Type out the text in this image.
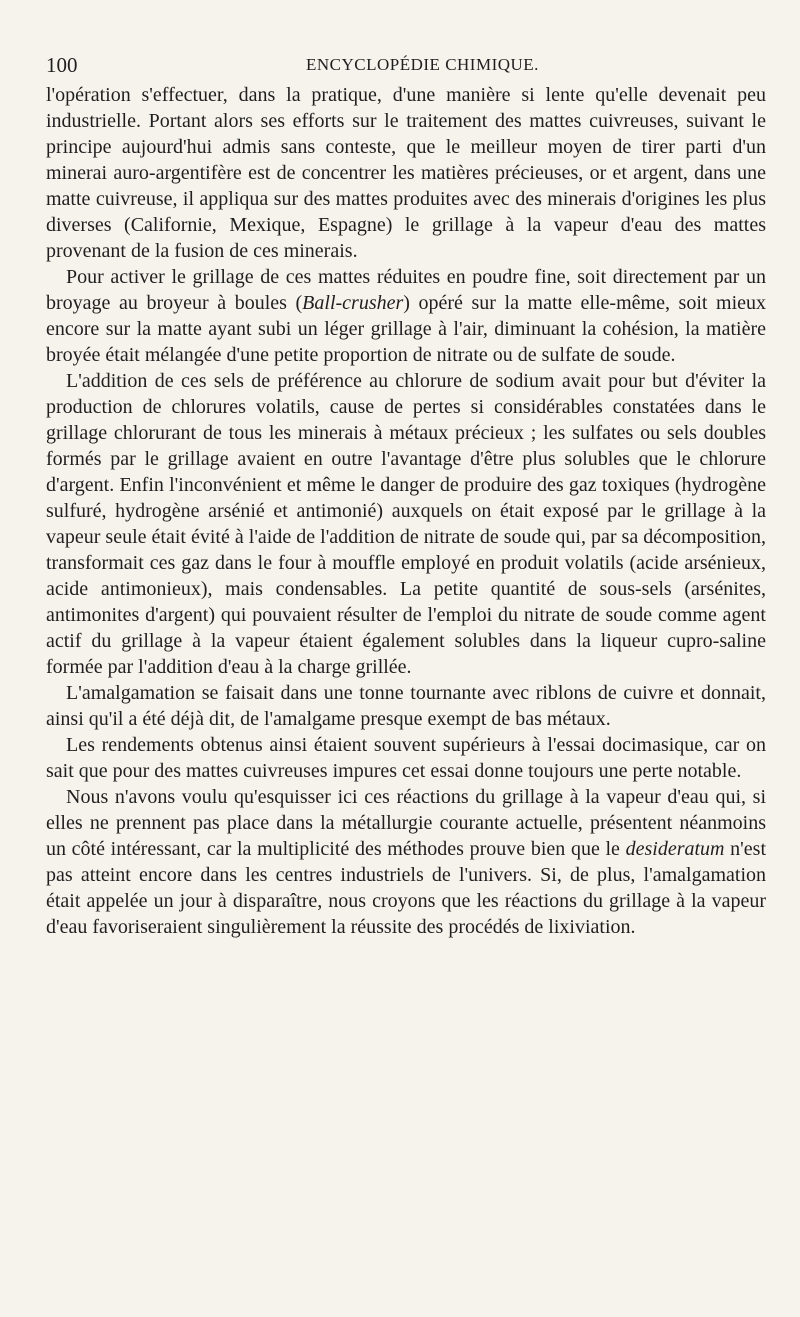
100	ENCYCLOPÉDIE CHIMIQUE.

l'opération s'effectuer, dans la pratique, d'une manière si lente qu'elle devenait peu industrielle. Portant alors ses efforts sur le traitement des mattes cuivreuses, suivant le principe aujourd'hui admis sans conteste, que le meilleur moyen de tirer parti d'un minerai auro-argentifère est de concentrer les matières précieuses, or et argent, dans une matte cuivreuse, il appliqua sur des mattes produites avec des minerais d'origines les plus diverses (Californie, Mexique, Espagne) le grillage à la vapeur d'eau des mattes provenant de la fusion de ces minerais.

Pour activer le grillage de ces mattes réduites en poudre fine, soit directement par un broyage au broyeur à boules (Ball-crusher) opéré sur la matte elle-même, soit mieux encore sur la matte ayant subi un léger grillage à l'air, diminuant la cohésion, la matière broyée était mélangée d'une petite proportion de nitrate ou de sulfate de soude.

L'addition de ces sels de préférence au chlorure de sodium avait pour but d'éviter la production de chlorures volatils, cause de pertes si considérables constatées dans le grillage chlorurant de tous les minerais à métaux précieux ; les sulfates ou sels doubles formés par le grillage avaient en outre l'avantage d'être plus solubles que le chlorure d'argent. Enfin l'inconvénient et même le danger de produire des gaz toxiques (hydrogène sulfuré, hydrogène arsénié et antimonié) auxquels on était exposé par le grillage à la vapeur seule était évité à l'aide de l'addition de nitrate de soude qui, par sa décomposition, transformait ces gaz dans le four à mouffle employé en produit volatils (acide arsénieux, acide antimonieux), mais condensables. La petite quantité de sous-sels (arsénites, antimonites d'argent) qui pouvaient résulter de l'emploi du nitrate de soude comme agent actif du grillage à la vapeur étaient également solubles dans la liqueur cupro-saline formée par l'addition d'eau à la charge grillée.

L'amalgamation se faisait dans une tonne tournante avec riblons de cuivre et donnait, ainsi qu'il a été déjà dit, de l'amalgame presque exempt de bas métaux.

Les rendements obtenus ainsi étaient souvent supérieurs à l'essai docimasique, car on sait que pour des mattes cuivreuses impures cet essai donne toujours une perte notable.

Nous n'avons voulu qu'esquisser ici ces réactions du grillage à la vapeur d'eau qui, si elles ne prennent pas place dans la métallurgie courante actuelle, présentent néanmoins un côté intéressant, car la multiplicité des méthodes prouve bien que le desideratum n'est pas atteint encore dans les centres industriels de l'univers. Si, de plus, l'amalgamation était appelée un jour à disparaître, nous croyons que les réactions du grillage à la vapeur d'eau favoriseraient singulièrement la réussite des procédés de lixiviation.
